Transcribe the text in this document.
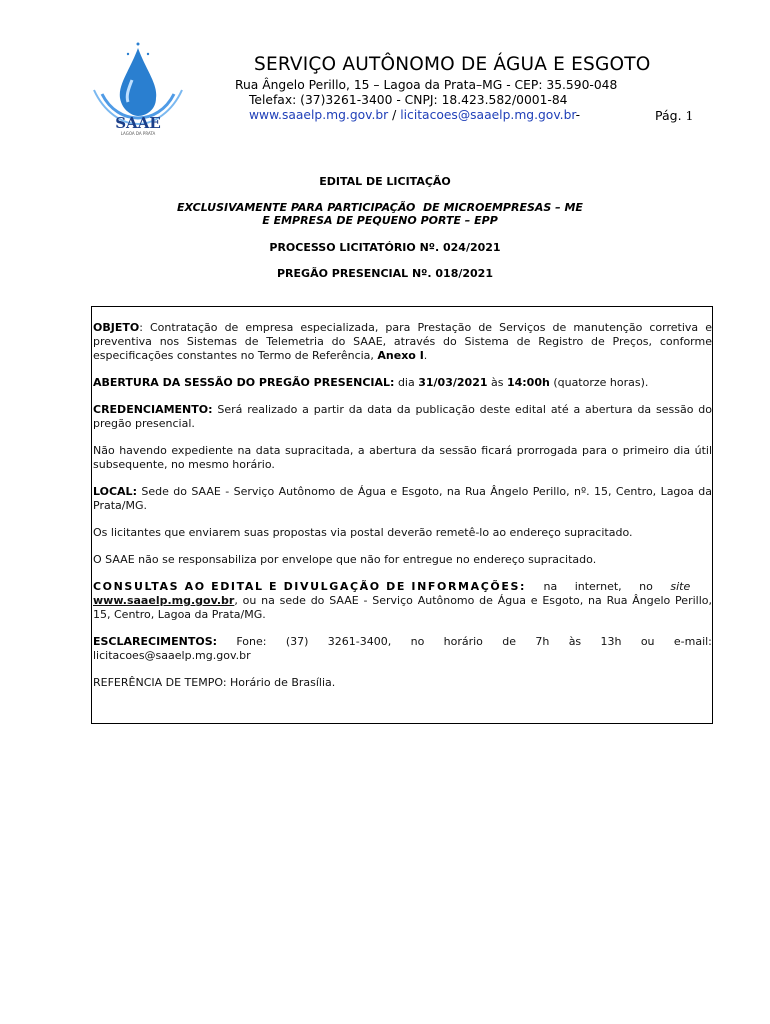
SAAE
LAGOA DA PRATA
SERVIÇO AUTÔNOMO DE ÁGUA E ESGOTO
Rua Ângelo Perillo, 15 – Lagoa da Prata–MG - CEP: 35.590-048
Telefax: (37)3261-3400 - CNPJ: 18.423.582/0001-84
www.saaelp.mg.gov.br / licitacoes@saaelp.mg.gov.br-	Pág. 1
EDITAL DE LICITAÇÃO
EXCLUSIVAMENTE PARA PARTICIPAÇÃO  DE MICROEMPRESAS – ME
E EMPRESA DE PEQUENO PORTE – EPP
PROCESSO LICITATÓRIO Nº. 024/2021
PREGÃO PRESENCIAL Nº. 018/2021

OBJETO: Contratação de empresa especializada, para Prestação de Serviços de manutenção corretiva e preventiva nos Sistemas de Telemetria do SAAE, através do Sistema de Registro de Preços, conforme especificações constantes no Termo de Referência, Anexo I.

ABERTURA DA SESSÃO DO PREGÃO PRESENCIAL: dia 31/03/2021 às 14:00h (quatorze horas).

CREDENCIAMENTO: Será realizado a partir da data da publicação deste edital até a abertura da sessão do pregão presencial.

Não havendo expediente na data supracitada, a abertura da sessão ficará prorrogada para o primeiro dia útil subsequente, no mesmo horário.

LOCAL: Sede do SAAE - Serviço Autônomo de Água e Esgoto, na Rua Ângelo Perillo, nº. 15, Centro, Lagoa da Prata/MG.

Os licitantes que enviarem suas propostas via postal deverão remetê-lo ao endereço supracitado.

O SAAE não se responsabiliza por envelope que não for entregue no endereço supracitado.

CONSULTAS AO EDITAL E DIVULGAÇÃO DE INFORMAÇÕES: na internet, no site
www.saaelp.mg.gov.br, ou na sede do SAAE - Serviço Autônomo de Água e Esgoto, na Rua Ângelo Perillo, 15, Centro, Lagoa da Prata/MG.

ESCLARECIMENTOS: Fone: (37) 3261-3400, no horário de 7h às 13h ou e-mail:
licitacoes@saaelp.mg.gov.br

REFERÊNCIA DE TEMPO: Horário de Brasília.
